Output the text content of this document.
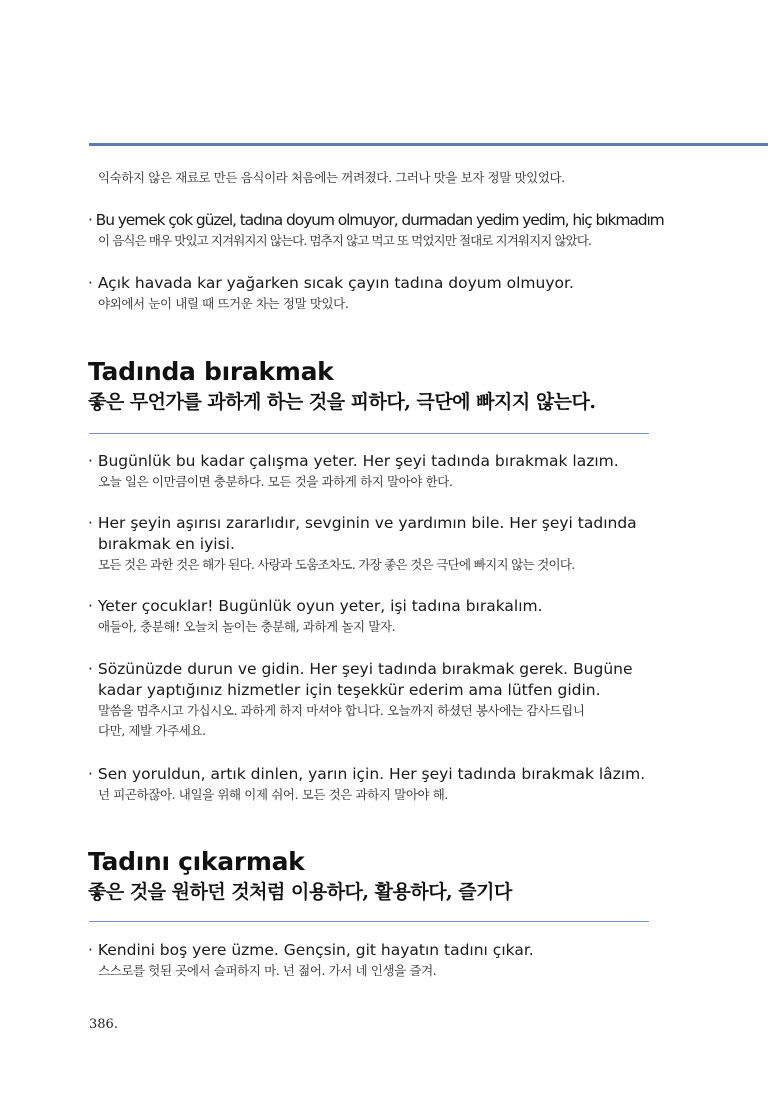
익숙하지 않은 재료로 만든 음식이라 처음에는 꺼려졌다. 그러나 맛을 보자 정말 맛있었다.
· Bu yemek çok güzel, tadına doyum olmuyor, durmadan yedim yedim, hiç bıkmadım
이 음식은 매우 맛있고 지겨워지지 않는다. 멈추지 않고 먹고 또 먹었지만 절대로 지겨워지지 않았다.
· Açık havada kar yağarken sıcak çayın tadına doyum olmuyor.
야외에서 눈이 내릴 때 뜨거운 차는 정말 맛있다.
Tadında bırakmak
좋은 무언가를 과하게 하는 것을 피하다, 극단에 빠지지 않는다.
· Bugünlük bu kadar çalışma yeter. Her şeyi tadında bırakmak lazım.
오늘 일은 이만큼이면 충분하다. 모든 것을 과하게 하지 말아야 한다.
· Her şeyin aşırısı zararlıdır, sevginin ve yardımın bile. Her şeyi tadında bırakmak en iyisi.
모든 것은 과한 것은 해가 된다. 사랑과 도움조차도. 가장 좋은 것은 극단에 빠지지 않는 것이다.
· Yeter çocuklar! Bugünlük oyun yeter, işi tadına bırakalım.
애들아, 충분해! 오늘치 놀이는 충분해, 과하게 놀지 말자.
· Sözünüzde durun ve gidin. Her şeyi tadında bırakmak gerek. Bugüne kadar yaptığınız hizmetler için teşekkür ederim ama lütfen gidin.
말씀을 멈추시고 가십시오. 과하게 하지 마셔야 합니다. 오늘까지 하셨던 봉사에는 감사드립니다만, 제발 가주세요.
· Sen yoruldun, artık dinlen, yarın için. Her şeyi tadında bırakmak lâzım.
넌 피곤하잖아. 내일을 위해 이제 쉬어. 모든 것은 과하지 말아야 해.
Tadını çıkarmak
좋은 것을 원하던 것처럼 이용하다, 활용하다, 즐기다
· Kendini boş yere üzme. Gençsin, git hayatın tadını çıkar.
스스로를 헛된 곳에서 슬퍼하지 마. 넌 젊어. 가서 네 인생을 즐겨.
386.
